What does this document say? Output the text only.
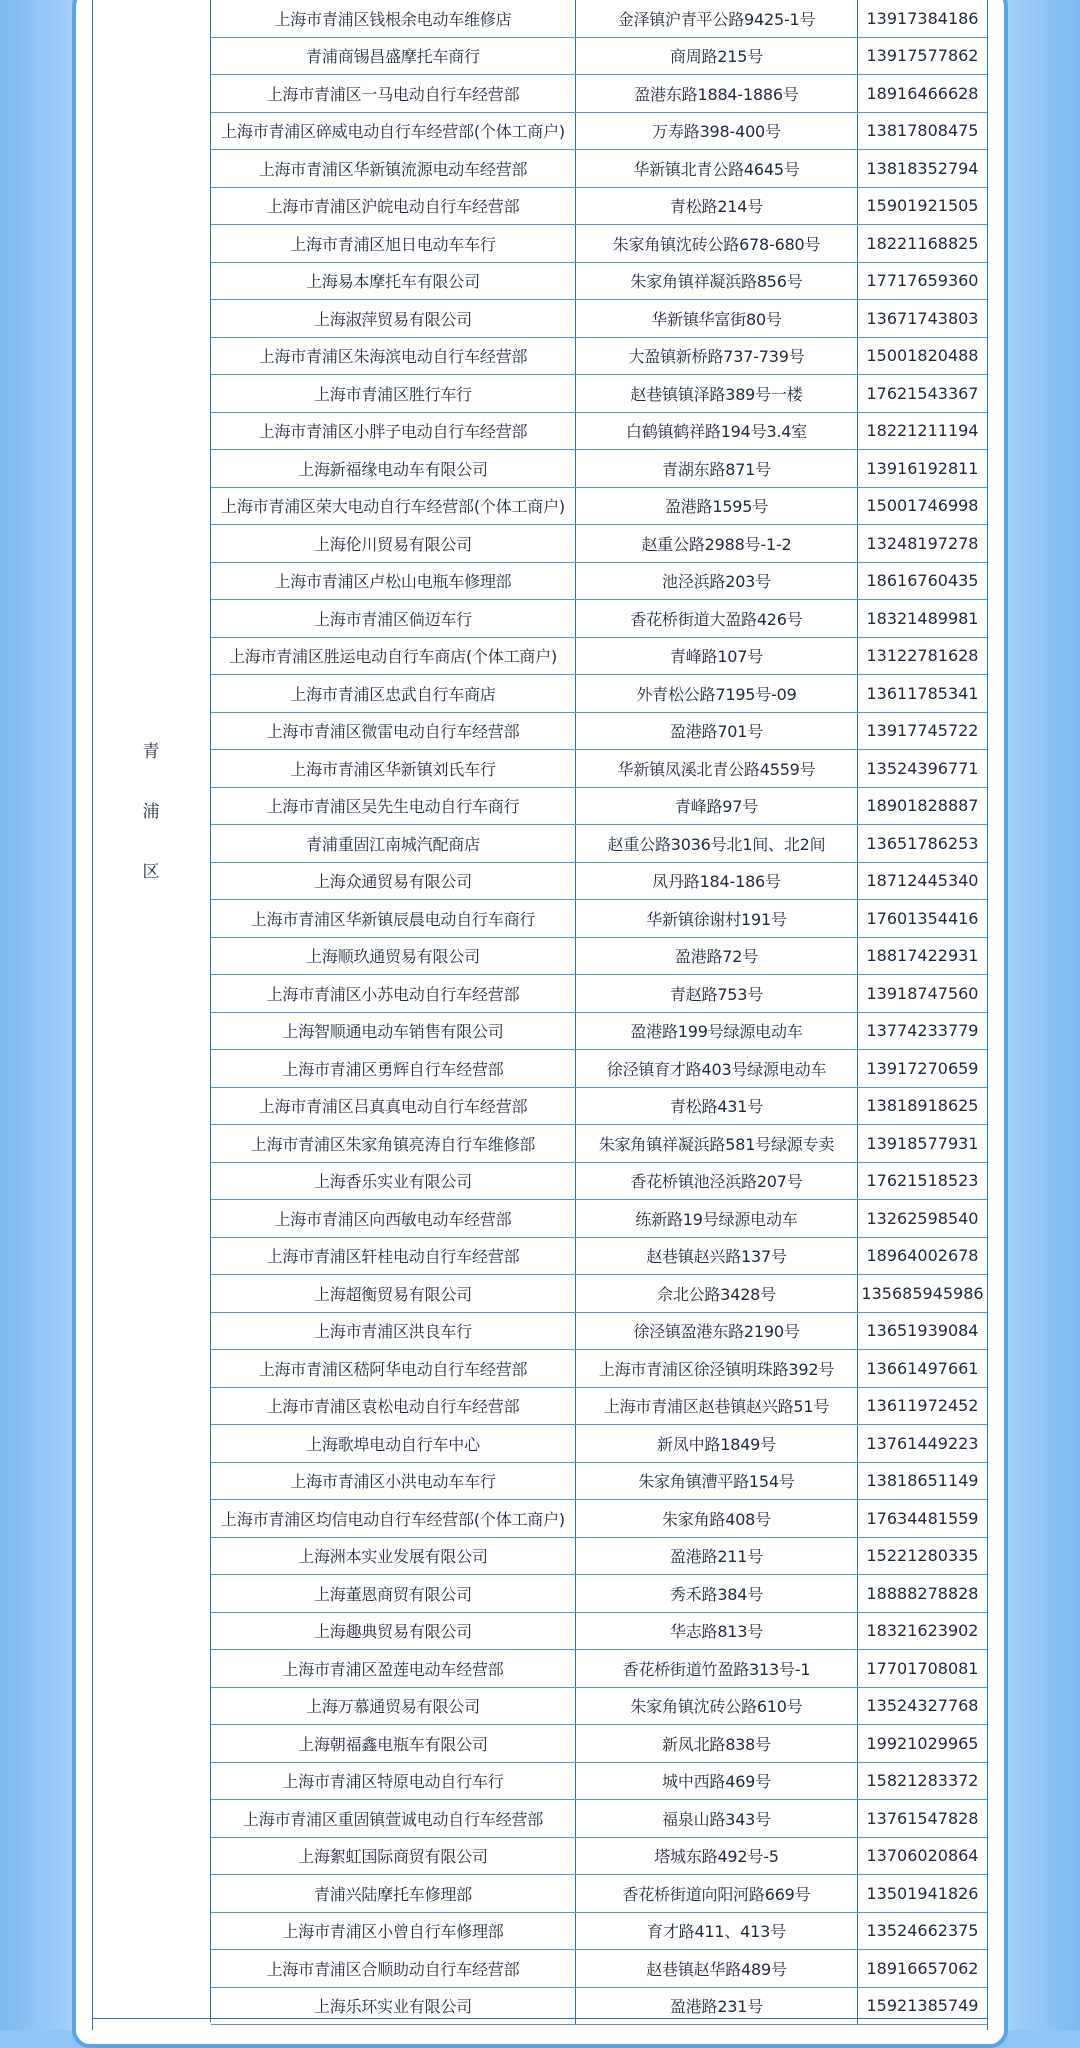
青
浦
区
上海市青浦区钱根余电动车维修店	金泽镇沪青平公路9425-1号	13917384186
青浦商锡昌盛摩托车商行	商周路215号	13917577862
上海市青浦区一马电动自行车经营部	盈港东路1884-1886号	18916466628
上海市青浦区碎威电动自行车经营部(个体工商户)	万寿路398-400号	13817808475
上海市青浦区华新镇流源电动车经营部	华新镇北青公路4645号	13818352794
上海市青浦区沪皖电动自行车经营部	青松路214号	15901921505
上海市青浦区旭日电动车车行	朱家角镇沈砖公路678-680号	18221168825
上海易本摩托车有限公司	朱家角镇祥凝浜路856号	17717659360
上海淑萍贸易有限公司	华新镇华富街80号	13671743803
上海市青浦区朱海滨电动自行车经营部	大盈镇新桥路737-739号	15001820488
上海市青浦区胜行车行	赵巷镇镇泽路389号一楼	17621543367
上海市青浦区小胖子电动自行车经营部	白鹤镇鹤祥路194号3.4室	18221211194
上海新福缘电动车有限公司	青湖东路871号	13916192811
上海市青浦区荣大电动自行车经营部(个体工商户)	盈港路1595号	15001746998
上海伦川贸易有限公司	赵重公路2988号-1-2	13248197278
上海市青浦区卢松山电瓶车修理部	池泾浜路203号	18616760435
上海市青浦区倘迈车行	香花桥街道大盈路426号	18321489981
上海市青浦区胜运电动自行车商店(个体工商户)	青峰路107号	13122781628
上海市青浦区忠武自行车商店	外青松公路7195号-09	13611785341
上海市青浦区微雷电动自行车经营部	盈港路701号	13917745722
上海市青浦区华新镇刘氏车行	华新镇凤溪北青公路4559号	13524396771
上海市青浦区吴先生电动自行车商行	青峰路97号	18901828887
青浦重固江南城汽配商店	赵重公路3036号北1间、北2间	13651786253
上海众通贸易有限公司	凤丹路184-186号	18712445340
上海市青浦区华新镇辰晨电动自行车商行	华新镇徐谢村191号	17601354416
上海顺玖通贸易有限公司	盈港路72号	18817422931
上海市青浦区小苏电动自行车经营部	青赵路753号	13918747560
上海智顺通电动车销售有限公司	盈港路199号绿源电动车	13774233779
上海市青浦区勇辉自行车经营部	徐泾镇育才路403号绿源电动车	13917270659
上海市青浦区吕真真电动自行车经营部	青松路431号	13818918625
上海市青浦区朱家角镇亮涛自行车维修部	朱家角镇祥凝浜路581号绿源专卖	13918577931
上海香乐实业有限公司	香花桥镇池泾浜路207号	17621518523
上海市青浦区向西敏电动车经营部	练新路19号绿源电动车	13262598540
上海市青浦区轩桂电动自行车经营部	赵巷镇赵兴路137号	18964002678
上海超衡贸易有限公司	佘北公路3428号	135685945986
上海市青浦区洪良车行	徐泾镇盈港东路2190号	13651939084
上海市青浦区嵇阿华电动自行车经营部	上海市青浦区徐泾镇明珠路392号	13661497661
上海市青浦区袁松电动自行车经营部	上海市青浦区赵巷镇赵兴路51号	13611972452
上海歌埠电动自行车中心	新凤中路1849号	13761449223
上海市青浦区小洪电动车车行	朱家角镇漕平路154号	13818651149
上海市青浦区均信电动自行车经营部(个体工商户)	朱家角路408号	17634481559
上海洲本实业发展有限公司	盈港路211号	15221280335
上海董恩商贸有限公司	秀禾路384号	18888278828
上海趣典贸易有限公司	华志路813号	18321623902
上海市青浦区盈莲电动车经营部	香花桥街道竹盈路313号-1	17701708081
上海万慕通贸易有限公司	朱家角镇沈砖公路610号	13524327768
上海朝福鑫电瓶车有限公司	新凤北路838号	19921029965
上海市青浦区特原电动自行车行	城中西路469号	15821283372
上海市青浦区重固镇萱诚电动自行车经营部	福泉山路343号	13761547828
上海絮虹国际商贸有限公司	塔城东路492号-5	13706020864
青浦兴陆摩托车修理部	香花桥街道向阳河路669号	13501941826
上海市青浦区小曾自行车修理部	育才路411、413号	13524662375
上海市青浦区合顺助动自行车经营部	赵巷镇赵华路489号	18916657062
上海乐环实业有限公司	盈港路231号	15921385749
